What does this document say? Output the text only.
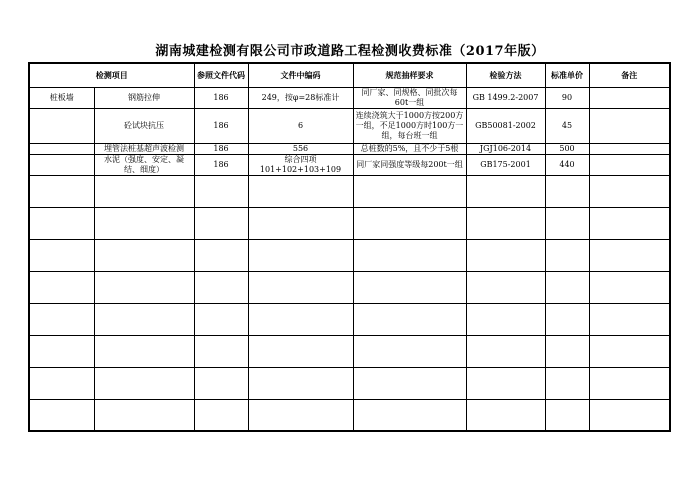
湖南城建检测有限公司市政道路工程检测收费标准（2017年版）
检测项目		参照文件代码	文件中编码	规范抽样要求	检验方法	标准单价	备注
桩板墙	钢筋拉伸	186	249，按φ=28标准计	同厂家、同规格、同批次每60t一组	GB 1499.2-2007	90	
	砼试块抗压	186	6	连续浇筑大于1000方按200方一组，不足1000方时100方一组，每台班一组	GB50081-2002	45	
	埋管法桩基超声波检测	186	556	总桩数的5%，且不少于5根	JGJ106-2014	500	
	水泥（强度、安定、凝结、细度）	186	综合四项101+102+103+109	同厂家同强度等级每200t一组	GB175-2001	440	
